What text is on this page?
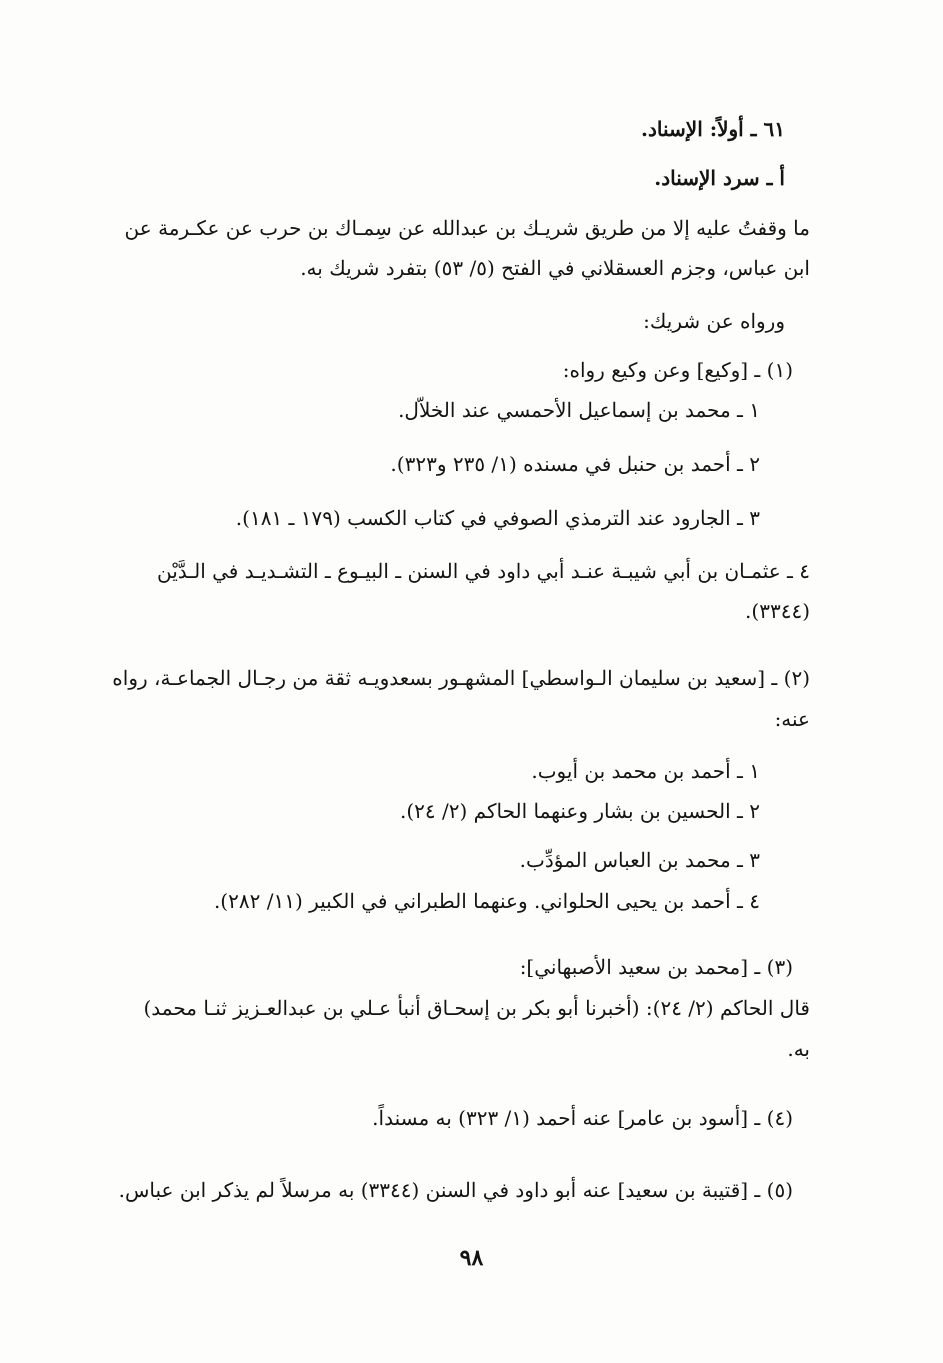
٦١ ـ أولاً: الإسناد.
أ ـ سرد الإسناد.
ما وقفتُ عليه إلا من طريق شريـك بن عبدالله عن سِمـاك بن حرب عن عكـرمة عن
ابن عباس، وجزم العسقلاني في الفتح (٥/ ٥٣) بتفرد شريك به.
ورواه عن شريك:
(١) ـ [وكيع] وعن وكيع رواه:
١ ـ محمد بن إسماعيل الأحمسي عند الخلاّل.
٢ ـ أحمد بن حنبل في مسنده (١/ ٢٣٥ و٣٢٣).
٣ ـ الجارود عند الترمذي الصوفي في كتاب الكسب (١٧٩ ـ ١٨١).
٤ ـ عثمـان بن أبي شيبـة عنـد أبي داود في السنن ـ البيـوع ـ التشـديـد في الـدَّيْن
(٣٣٤٤).
(٢) ـ [سعيد بن سليمان الـواسطي] المشهـور بسعدويـه ثقة من رجـال الجماعـة، رواه
عنه:
١ ـ أحمد بن محمد بن أيوب.
٢ ـ الحسين بن بشار وعنهما الحاكم (٢/ ٢٤).
٣ ـ محمد بن العباس المؤدِّب.
٤ ـ أحمد بن يحيى الحلواني. وعنهما الطبراني في الكبير (١١/ ٢٨٢).
(٣) ـ [محمد بن سعيد الأصبهاني]:
قال الحاكم (٢/ ٢٤): (أخبرنا أبو بكر بن إسحـاق أنبأ عـلي بن عبدالعـزيز ثنـا محمد)
به.
(٤) ـ [أسود بن عامر] عنه أحمد (١/ ٣٢٣) به مسنداً.
(٥) ـ [قتيبة بن سعيد] عنه أبو داود في السنن (٣٣٤٤) به مرسلاً لم يذكر ابن عباس.
٩٨
